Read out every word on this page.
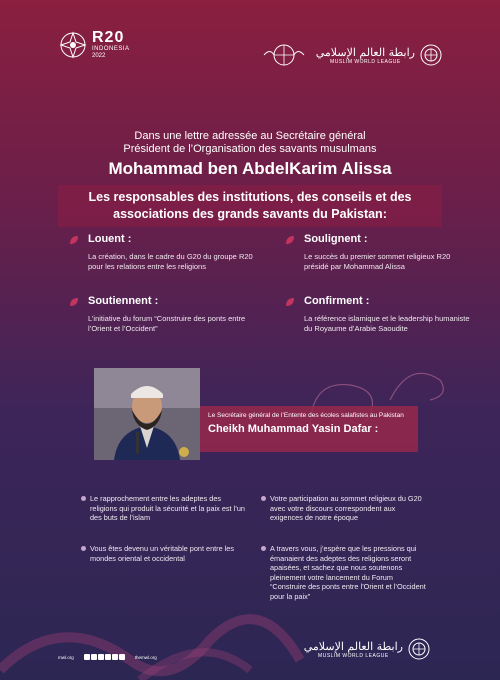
R20
INDONESIA
2022	رابطة العالم الإسلامي
MUSLIM WORLD LEAGUE
Dans une lettre adressée au Secrétaire général
Président de l’Organisation des savants musulmans
Mohammad ben AbdelKarim Alissa
Les responsables des institutions, des conseils et des associations des grands savants du Pakistan:
Louent :
La création, dans le cadre du G20 du groupe R20 pour les relations entre les religions
Soulignent :
Le succès du premier sommet religieux R20 présidé par Mohammad Alissa
Soutiennent :
L’initiative du forum “Construire des ponts entre l’Orient et l’Occident”
Confirment :
La référence islamique et le leadership humaniste du Royaume d’Arabie Saoudite
Le Secrétaire général de l’Entente des écoles salafistes au Pakistan
Cheikh Muhammad Yasin Dafar :
Le rapprochement entre les adeptes des religions qui produit la sécurité et la paix est l’un des buts de l’islam
Votre participation au sommet religieux du G20 avec votre discours correspondent aux exigences de notre époque
Vous êtes devenu un véritable pont entre les mondes oriental et occidental
A travers vous, j’espère que les pressions qui émanaient des adeptes des religions seront apaisées, et sachez que nous soutenons pleinement votre lancement du Forum “Construire des ponts entre l’Orient et l’Occident pour la paix”
mwl.org	themwl.org
رابطة العالم الإسلامي
MUSLIM WORLD LEAGUE
